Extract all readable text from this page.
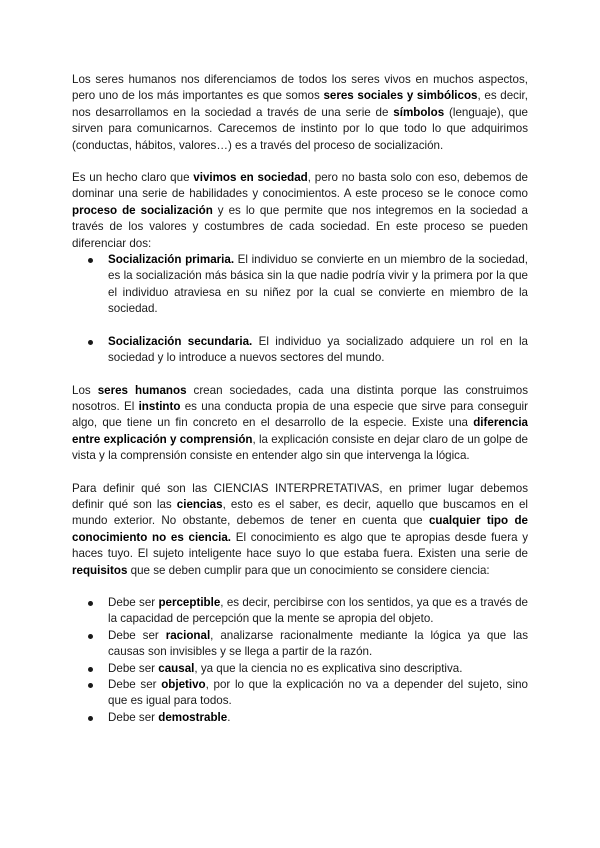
Los seres humanos nos diferenciamos de todos los seres vivos en muchos aspectos, pero uno de los más importantes es que somos seres sociales y simbólicos, es decir, nos desarrollamos en la sociedad a través de una serie de símbolos (lenguaje), que sirven para comunicarnos. Carecemos de instinto por lo que todo lo que adquirimos (conductas, hábitos, valores…) es a través del proceso de socialización.

Es un hecho claro que vivimos en sociedad, pero no basta solo con eso, debemos de dominar una serie de habilidades y conocimientos. A este proceso se le conoce como proceso de socialización y es lo que permite que nos integremos en la sociedad a través de los valores y costumbres de cada sociedad. En este proceso se pueden diferenciar dos:

Socialización primaria. El individuo se convierte en un miembro de la sociedad, es la socialización más básica sin la que nadie podría vivir y la primera por la que el individuo atraviesa en su niñez por la cual se convierte en miembro de la sociedad.
Socialización secundaria. El individuo ya socializado adquiere un rol en la sociedad y lo introduce a nuevos sectores del mundo.

Los seres humanos crean sociedades, cada una distinta porque las construimos nosotros. El instinto es una conducta propia de una especie que sirve para conseguir algo, que tiene un fin concreto en el desarrollo de la especie. Existe una diferencia entre explicación y comprensión, la explicación consiste en dejar claro de un golpe de vista y la comprensión consiste en entender algo sin que intervenga la lógica.

Para definir qué son las CIENCIAS INTERPRETATIVAS, en primer lugar debemos definir qué son las ciencias, esto es el saber, es decir, aquello que buscamos en el mundo exterior. No obstante, debemos de tener en cuenta que cualquier tipo de conocimiento no es ciencia. El conocimiento es algo que te apropias desde fuera y haces tuyo. El sujeto inteligente hace suyo lo que estaba fuera. Existen una serie de requisitos que se deben cumplir para que un conocimiento se considere ciencia:

Debe ser perceptible, es decir, percibirse con los sentidos, ya que es a través de la capacidad de percepción que la mente se apropia del objeto.
Debe ser racional, analizarse racionalmente mediante la lógica ya que las causas son invisibles y se llega a partir de la razón.
Debe ser causal, ya que la ciencia no es explicativa sino descriptiva.
Debe ser objetivo, por lo que la explicación no va a depender del sujeto, sino que es igual para todos.
Debe ser demostrable.
